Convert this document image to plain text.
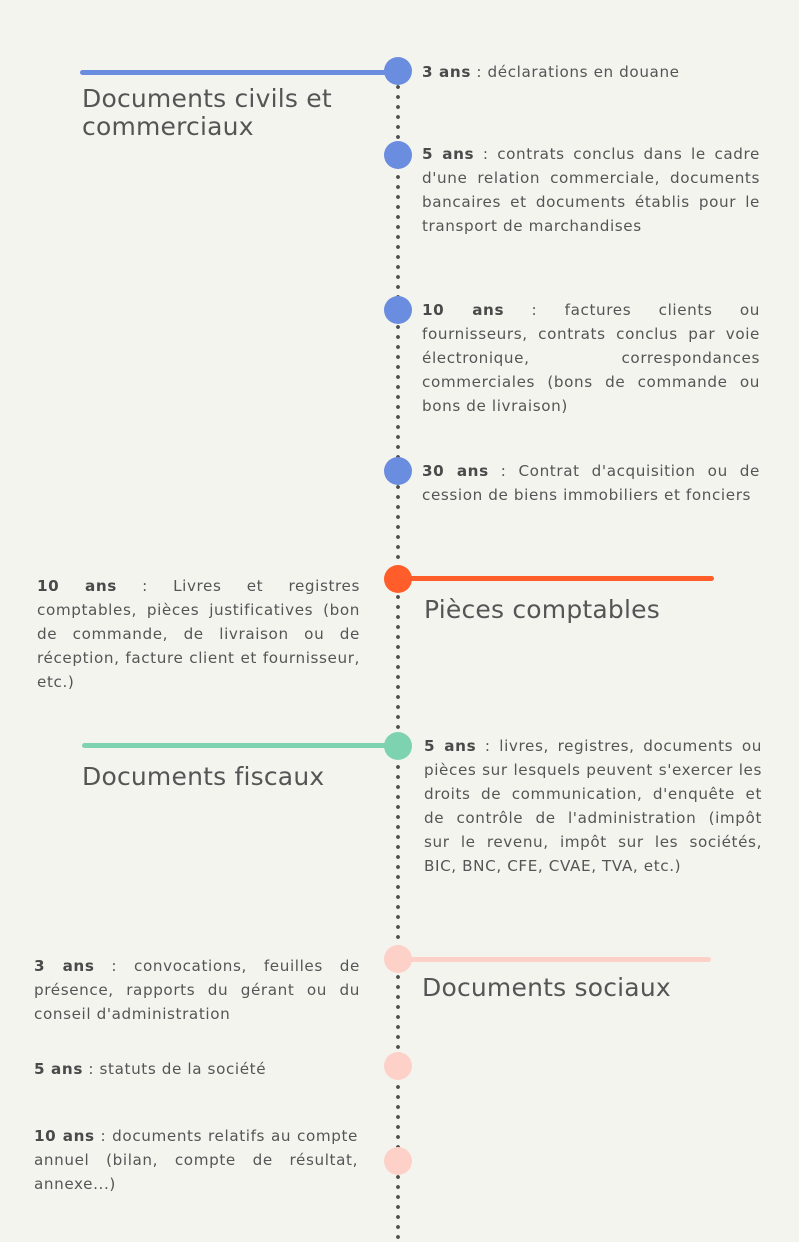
Documents civils et commerciaux
3 ans : déclarations en douane
5 ans : contrats conclus dans le cadre d'une relation commerciale, documents bancaires et documents établis pour le transport de marchandises
10 ans : factures clients ou fournisseurs, contrats conclus par voie électronique, correspondances commerciales (bons de commande ou bons de livraison)
30 ans : Contrat d'acquisition ou de cession de biens immobiliers et fonciers
Pièces comptables
10 ans : Livres et registres comptables, pièces justificatives (bon de commande, de livraison ou de réception, facture client et fournisseur, etc.)
Documents fiscaux
5 ans : livres, registres, documents ou pièces sur lesquels peuvent s'exercer les droits de communication, d'enquête et de contrôle de l'administration (impôt sur le revenu, impôt sur les sociétés, BIC, BNC, CFE, CVAE, TVA, etc.)
Documents sociaux
3 ans : convocations, feuilles de présence, rapports du gérant ou du conseil d'administration
5 ans : statuts de la société
10 ans : documents relatifs au compte annuel (bilan, compte de résultat, annexe...)
